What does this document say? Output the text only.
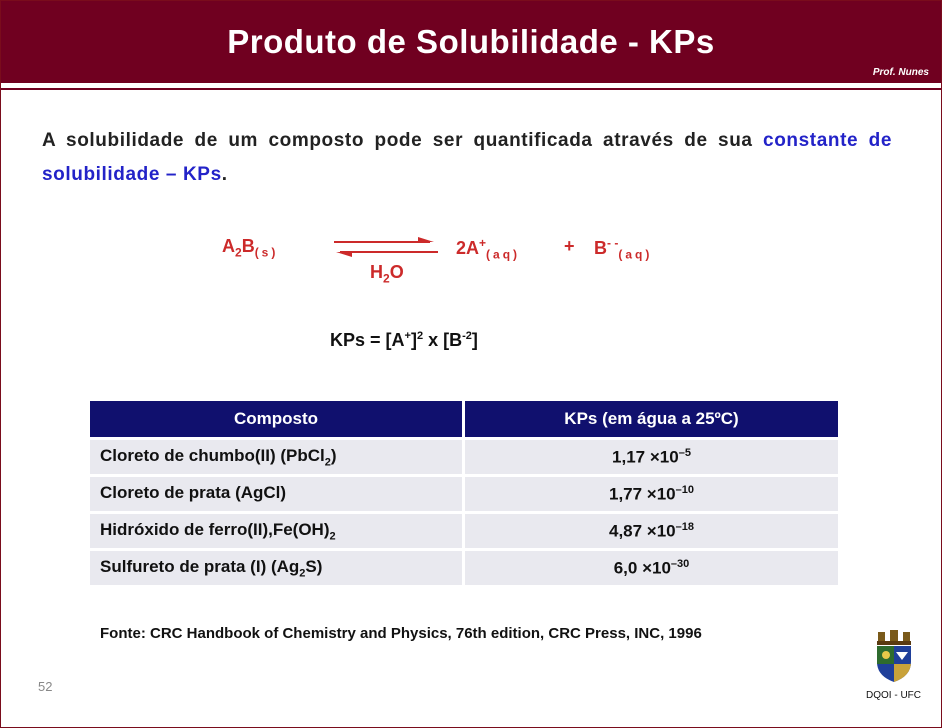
Produto de Solubilidade - KPs
Prof. Nunes
A solubilidade de um composto pode ser quantificada através de sua constante de solubilidade – KPs.
$A_2B_{(s)}$
$H_2O$
$2A^+_{(aq)} + B^{- -}_{(aq)}$
KPs = $[A^+]^2$ x $[B^{-2}]$
Composto		KPs (em água a 25ºC)
Cloreto de chumbo(II) (PbCl$_2$)		$1,17 \times 10^{-5}$
Cloreto de prata (AgCl)		$1,77 \times 10^{-10}$
Hidróxido de $ferro(II),Fe(OH)_2$		$4,87 \times 10^{-18}$
Sulfureto de prata (I) $(Ag_2S)$		$6,0 \times 10^{-30}$
Fonte: CRC Handbook of Chemistry and Physics, 76th edition, CRC Press, INC, 1996
52
DQOI - UFC
